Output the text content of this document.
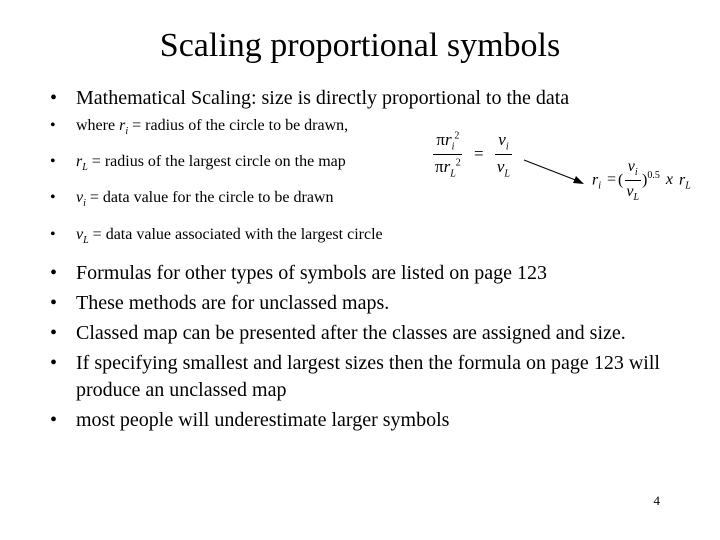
Scaling proportional symbols
• Mathematical Scaling: size is directly proportional to the data
• where $r_i$ = radius of the circle to be drawn,
• $r_L$ = radius of the largest circle on the map
• $v_i$ = data value for the circle to be drawn
• $v_L$ = data value associated with the largest circle
• Formulas for other types of symbols are listed on page 123
• These methods are for unclassed maps.
• Classed map can be presented after the classes are assigned and size.
• If specifying smallest and largest sizes then the formula on page 123 will produce an unclassed map
• most people will underestimate larger symbols
$\frac{\pi r_i^2}{\pi r_L^2} = \frac{v_i}{v_L}$
$r_i$ = ( $\frac{v_i}{v_L} )^{0.5}$ x $r_L$
4
